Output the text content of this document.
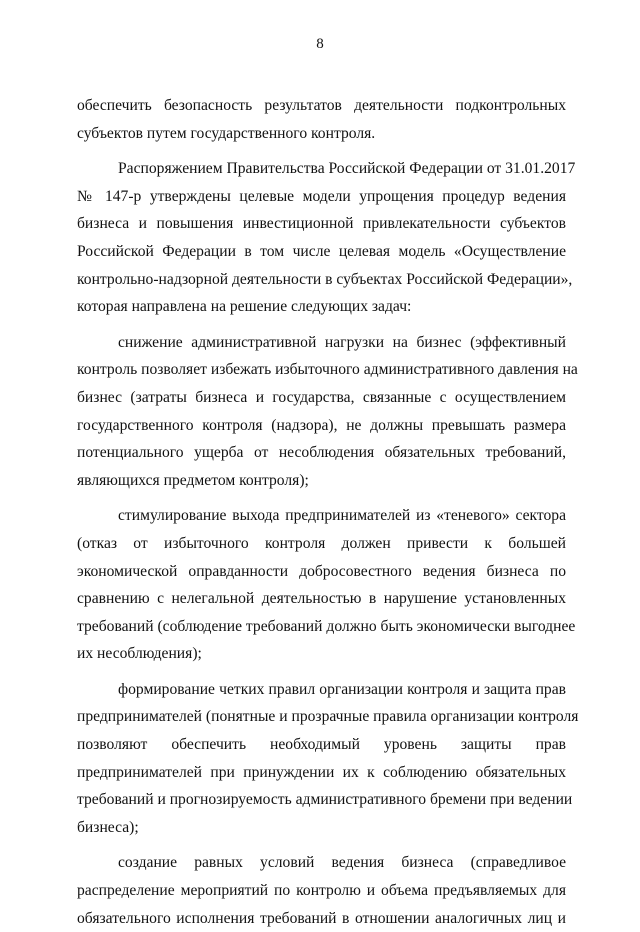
8
обеспечить безопасность результатов деятельности подконтрольных
субъектов путем государственного контроля.
Распоряжением Правительства Российской Федерации от 31.01.2017
№ 147-р утверждены целевые модели упрощения процедур ведения
бизнеса и повышения инвестиционной привлекательности субъектов
Российской Федерации в том числе целевая модель «Осуществление
контрольно-надзорной деятельности в субъектах Российской Федерации»,
которая направлена на решение следующих задач:
снижение административной нагрузки на бизнес (эффективный
контроль позволяет избежать избыточного административного давления на
бизнес (затраты бизнеса и государства, связанные с осуществлением
государственного контроля (надзора), не должны превышать размера
потенциального ущерба от несоблюдения обязательных требований,
являющихся предметом контроля);
стимулирование выхода предпринимателей из «теневого» сектора
(отказ от избыточного контроля должен привести к большей
экономической оправданности добросовестного ведения бизнеса по
сравнению с нелегальной деятельностью в нарушение установленных
требований (соблюдение требований должно быть экономически выгоднее
их несоблюдения);
формирование четких правил организации контроля и защита прав
предпринимателей (понятные и прозрачные правила организации контроля
позволяют обеспечить необходимый уровень защиты прав
предпринимателей при принуждении их к соблюдению обязательных
требований и прогнозируемость административного бремени при ведении
бизнеса);
создание равных условий ведения бизнеса (справедливое
распределение мероприятий по контролю и объема предъявляемых для
обязательного исполнения требований в отношении аналогичных лиц и
